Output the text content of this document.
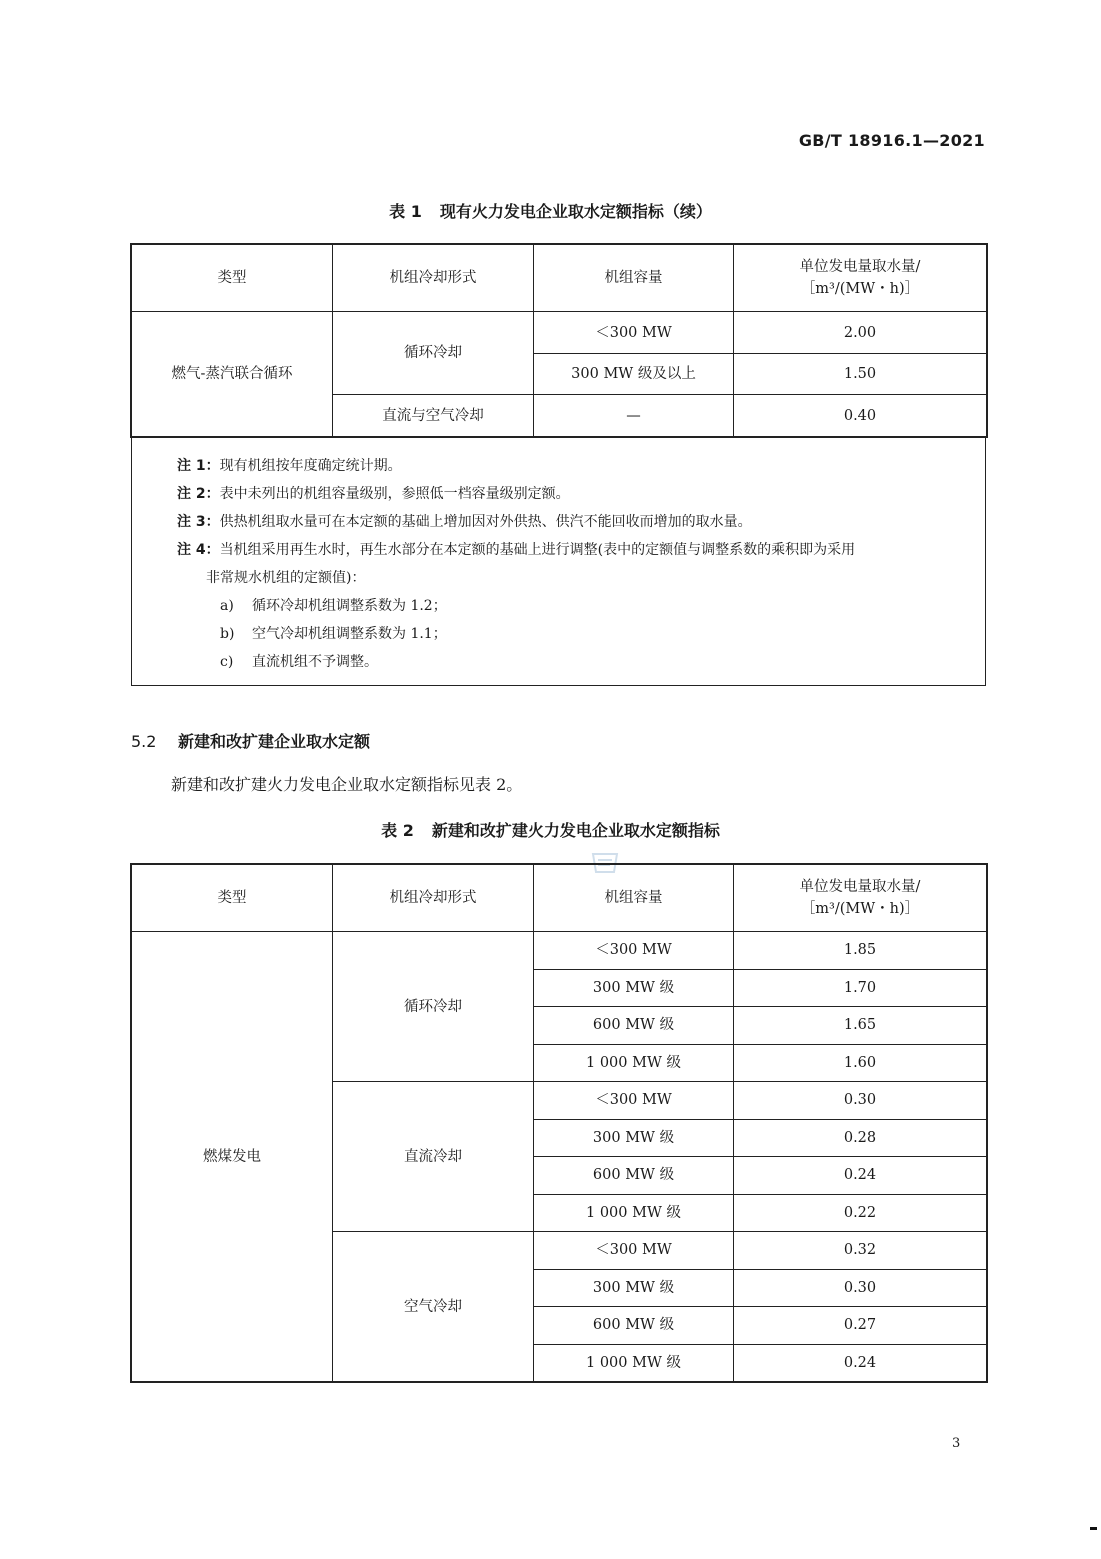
GB/T 18916.1—2021
表 1 现有火力发电企业取水定额指标（续）
类型	机组冷却形式	机组容量	单位发电量取水量/
［m³/(MW・h)］

燃气-蒸汽联合循环	循环冷却	＜300 MW	2.00
		300 MW 级及以上	1.50
	直流与空气冷却	—	0.40
注 1：现有机组按年度确定统计期。
注 2：表中未列出的机组容量级别，参照低一档容量级别定额。
注 3：供热机组取水量可在本定额的基础上增加因对外供热、供汽不能回收而增加的取水量。
注 4：当机组采用再生水时，再生水部分在本定额的基础上进行调整(表中的定额值与调整系数的乘积即为采用
非常规水机组的定额值)：
a) 循环冷却机组调整系数为 1.2；
b) 空气冷却机组调整系数为 1.1；
c) 直流机组不予调整。
5.2 新建和改扩建企业取水定额
新建和改扩建火力发电企业取水定额指标见表 2。
表 2 新建和改扩建火力发电企业取水定额指标
类型	机组冷却形式	机组容量	单位发电量取水量/
［m³/(MW・h)］

燃煤发电	循环冷却	＜300 MW	1.85
		300 MW 级	1.70
		600 MW 级	1.65
		1 000 MW 级	1.60
	直流冷却	＜300 MW	0.30
		300 MW 级	0.28
		600 MW 级	0.24
		1 000 MW 级	0.22
	空气冷却	＜300 MW	0.32
		300 MW 级	0.30
		600 MW 级	0.27
		1 000 MW 级	0.24
3
